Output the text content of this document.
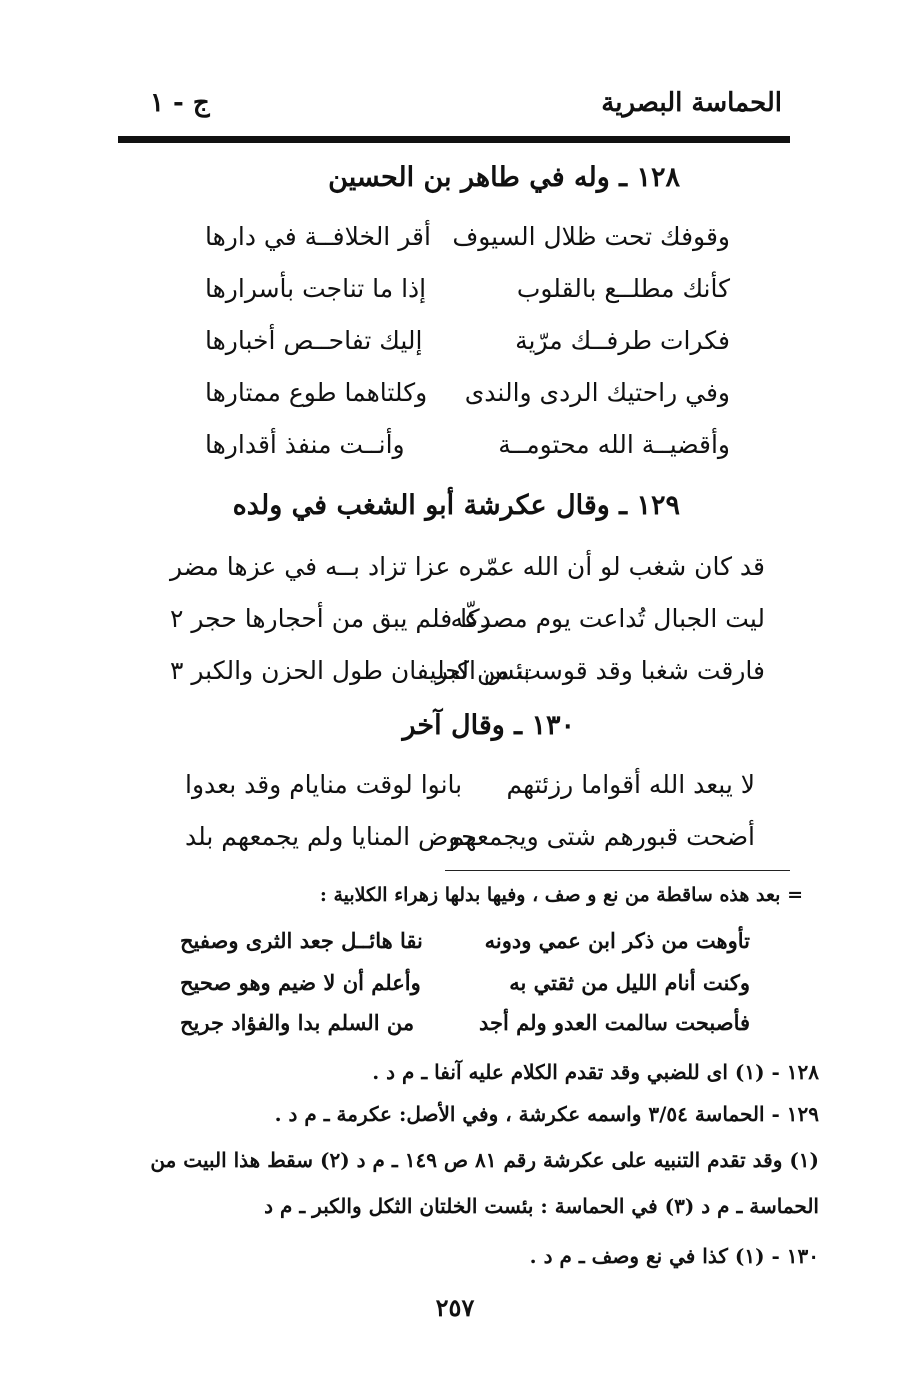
الحماسة البصرية
ج - ١
١٢٨ ـ وله في طاهر بن الحسين
وقوفك تحت ظلال السيوف
أقر الخلافــة في دارها
كأنك مطلــع بالقلوب
إذا ما تناجت بأسرارها
فكرات طرفــك مرّية
إليك تفاحــص أخبارها
وفي راحتيك الردى والندى
وكلتاهما طوع ممتارها
وأقضيــة الله محتومــة
وأنــت منفذ أقدارها
١٢٩ ـ وقال عكرشة أبو الشغب في ولده
قد كان شغب لو أن الله عمّره
عزا تزاد بــه في عزها مضر
ليت الجبال تُداعت يوم مصرعه
دكّا فلم يبق من أحجارها حجر ٢
فارقت شغبا وقد قوست من كبر
بئس الحليفان طول الحزن والكبر ٣
١٣٠ ـ وقال آخر
لا يبعد الله أقواما رزئتهم
بانوا لوقت منايام وقد بعدوا
أضحت قبورهم شتى ويجمعهم
حوض المنايا ولم يجمعهم بلد
= بعد هذه ساقطة من نع و صف ، وفيها بدلها زهراء الكلابية :
تأوهت من ذكر ابن عمي ودونه
نقا هائــل جعد الثرى وصفيح
وكنت أنام الليل من ثقتي به
وأعلم أن لا ضيم وهو صحيح
فأصبحت سالمت العدو ولم أجد
من السلم بدا والفؤاد جريح
١٢٨ - (١) اى للضبي وقد تقدم الكلام عليه آنفا ـ م د .
١٢٩ - الحماسة ٣/٥٤ واسمه عكرشة ، وفي الأصل: عكرمة ـ م د .
(١) وقد تقدم التنبيه على عكرشة رقم ٨١ ص ١٤٩ ـ م د (٢) سقط هذا البيت من
الحماسة ـ م د (٣) في الحماسة : بئست الخلتان الثكل والكبر ـ م د
١٣٠ - (١) كذا في نع وصف ـ م د .
٢٥٧
